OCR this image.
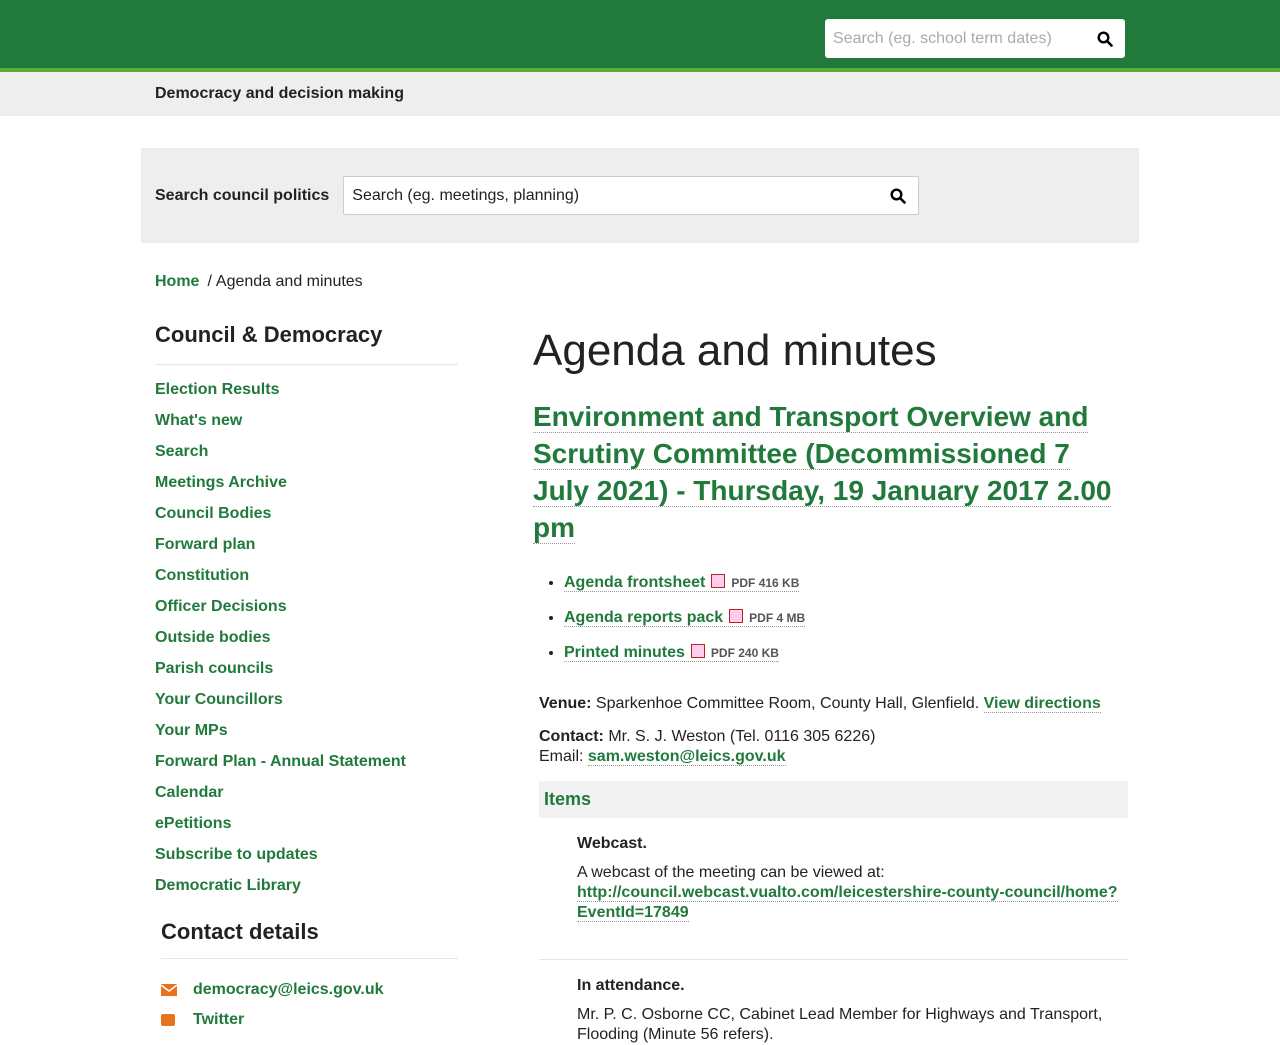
Search (eg. school term dates)
Democracy and decision making
Search council politics
Search (eg. meetings, planning)
Home / Agenda and minutes
Council & Democracy
Election Results
What's new
Search
Meetings Archive
Council Bodies
Forward plan
Constitution
Officer Decisions
Outside bodies
Parish councils
Your Councillors
Your MPs
Forward Plan - Annual Statement
Calendar
ePetitions
Subscribe to updates
Democratic Library
Contact details
democracy@leics.gov.uk
Twitter
Agenda and minutes
Environment and Transport Overview and Scrutiny Committee (Decommissioned 7 July 2021) - Thursday, 19 January 2017 2.00 pm
• Agenda frontsheet PDF 416 KB
• Agenda reports pack PDF 4 MB
• Printed minutes PDF 240 KB
Venue: Sparkenhoe Committee Room, County Hall, Glenfield. View directions
Contact: Mr. S. J. Weston (Tel. 0116 305 6226)
Email: sam.weston@leics.gov.uk
Items
Webcast.

A webcast of the meeting can be viewed at:
http://council.webcast.vualto.com/leicestershire-county-council/home?EventId=17849

In attendance.

Mr. P. C. Osborne CC, Cabinet Lead Member for Highways and Transport, Flooding (Minute 56 refers).
